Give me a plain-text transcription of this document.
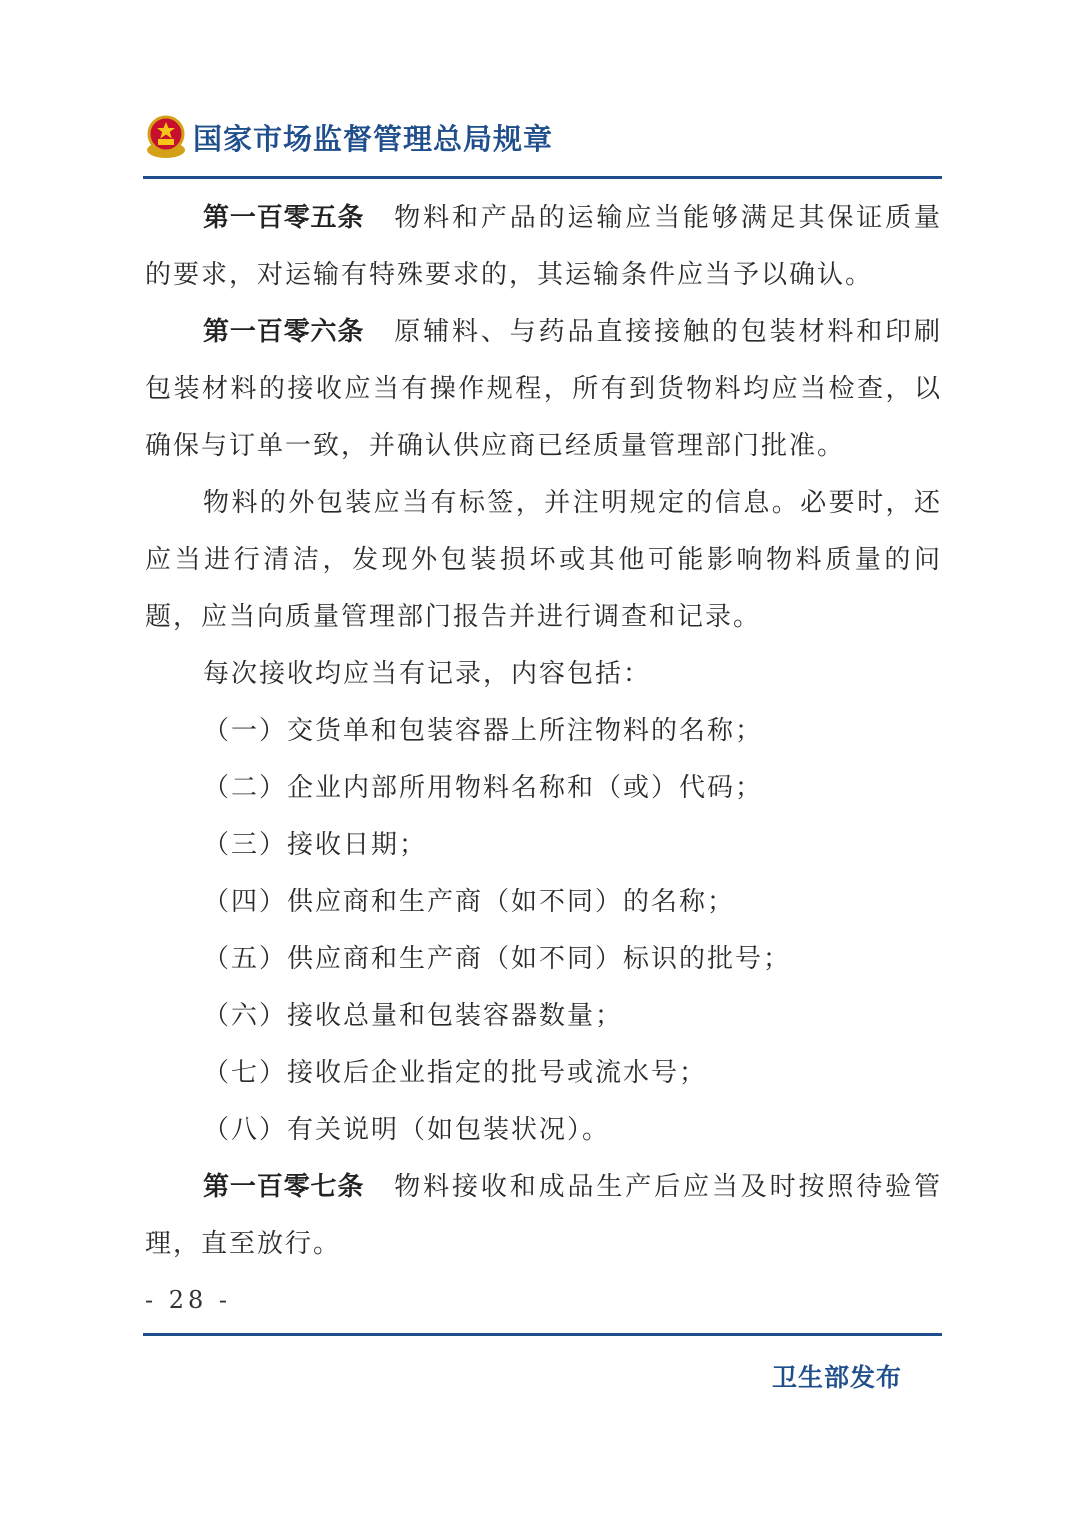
国家市场监督管理总局规章

第一百零五条 物料和产品的运输应当能够满足其保证质量的要求，对运输有特殊要求的，其运输条件应当予以确认。

第一百零六条 原辅料、与药品直接接触的包装材料和印刷包装材料的接收应当有操作规程，所有到货物料均应当检查，以确保与订单一致，并确认供应商已经质量管理部门批准。

物料的外包装应当有标签，并注明规定的信息。必要时，还应当进行清洁，发现外包装损坏或其他可能影响物料质量的问题，应当向质量管理部门报告并进行调查和记录。

每次接收均应当有记录，内容包括：

（一）交货单和包装容器上所注物料的名称；

（二）企业内部所用物料名称和（或）代码；

（三）接收日期；

（四）供应商和生产商（如不同）的名称；

（五）供应商和生产商（如不同）标识的批号；

（六）接收总量和包装容器数量；

（七）接收后企业指定的批号或流水号；

（八）有关说明（如包装状况）。

第一百零七条 物料接收和成品生产后应当及时按照待验管理，直至放行。

- 28 -
卫生部发布
